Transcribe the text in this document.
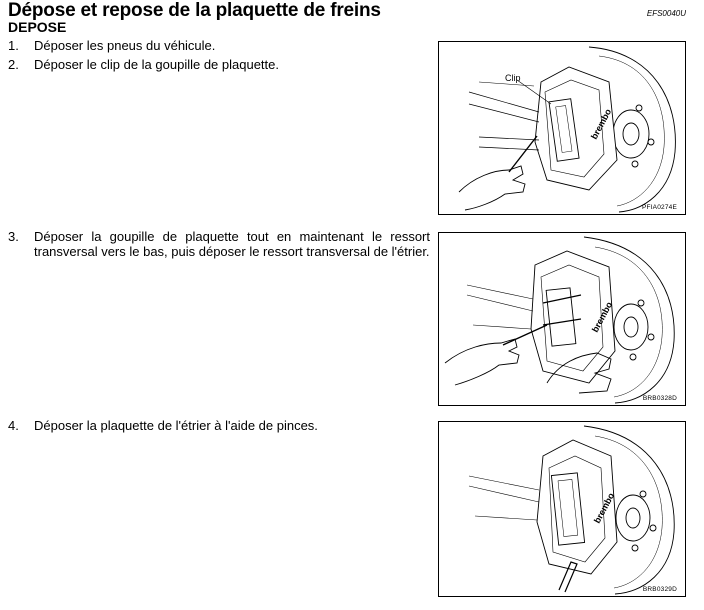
Dépose et repose de la plaquette de freins
DEPOSE
EFS0040U
1. Déposer les pneus du véhicule.
2. Déposer le clip de la goupille de plaquette.
3. Déposer la goupille de plaquette tout en maintenant le ressort transversal vers le bas, puis déposer le ressort transversal de l'étrier.
4. Déposer la plaquette de l'étrier à l'aide de pinces.
brembo
Clip
PFIA0274E
brembo
BRB0328D
brembo
BRB0329D
